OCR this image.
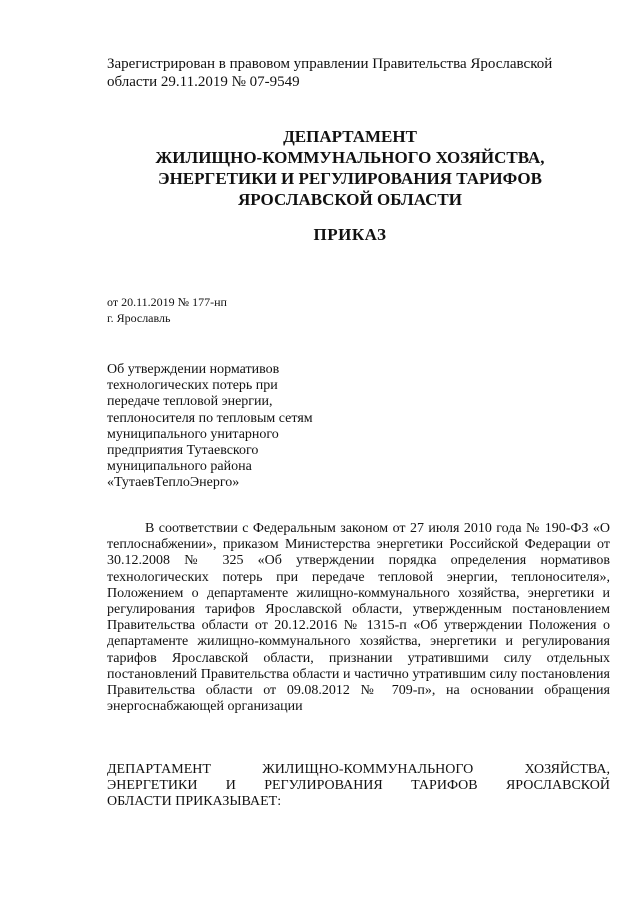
Зарегистрирован в правовом управлении Правительства Ярославской
области 29.11.2019 № 07-9549
ДЕПАРТАМЕНТ
ЖИЛИЩНО-КОММУНАЛЬНОГО ХОЗЯЙСТВА,
ЭНЕРГЕТИКИ И РЕГУЛИРОВАНИЯ ТАРИФОВ
ЯРОСЛАВСКОЙ ОБЛАСТИ
ПРИКАЗ
от 20.11.2019 № 177-нп
г. Ярославль
Об утверждении нормативов
технологических потерь при
передаче тепловой энергии,
теплоносителя по тепловым сетям
муниципального унитарного
предприятия Тутаевского
муниципального района
«ТутаевТеплоЭнерго»
В соответствии с Федеральным законом от 27 июля 2010 года № 190-ФЗ «О теплоснабжении», приказом Министерства энергетики Российской Федерации от 30.12.2008 № 325 «Об утверждении порядка определения нормативов технологических потерь при передаче тепловой энергии, теплоносителя», Положением о департаменте жилищно-коммунального хозяйства, энергетики и регулирования тарифов Ярославской области, утвержденным постановлением Правительства области от 20.12.2016 № 1315-п «Об утверждении Положения о департаменте жилищно-коммунального хозяйства, энергетики и регулирования тарифов Ярославской области, признании утратившими силу отдельных постановлений Правительства области и частично утратившим силу постановления Правительства области от 09.08.2012 № 709-п», на основании обращения энергоснабжающей организации
ДЕПАРТАМЕНТ ЖИЛИЩНО-КОММУНАЛЬНОГО ХОЗЯЙСТВА,
ЭНЕРГЕТИКИ И РЕГУЛИРОВАНИЯ ТАРИФОВ ЯРОСЛАВСКОЙ
ОБЛАСТИ ПРИКАЗЫВАЕТ:
